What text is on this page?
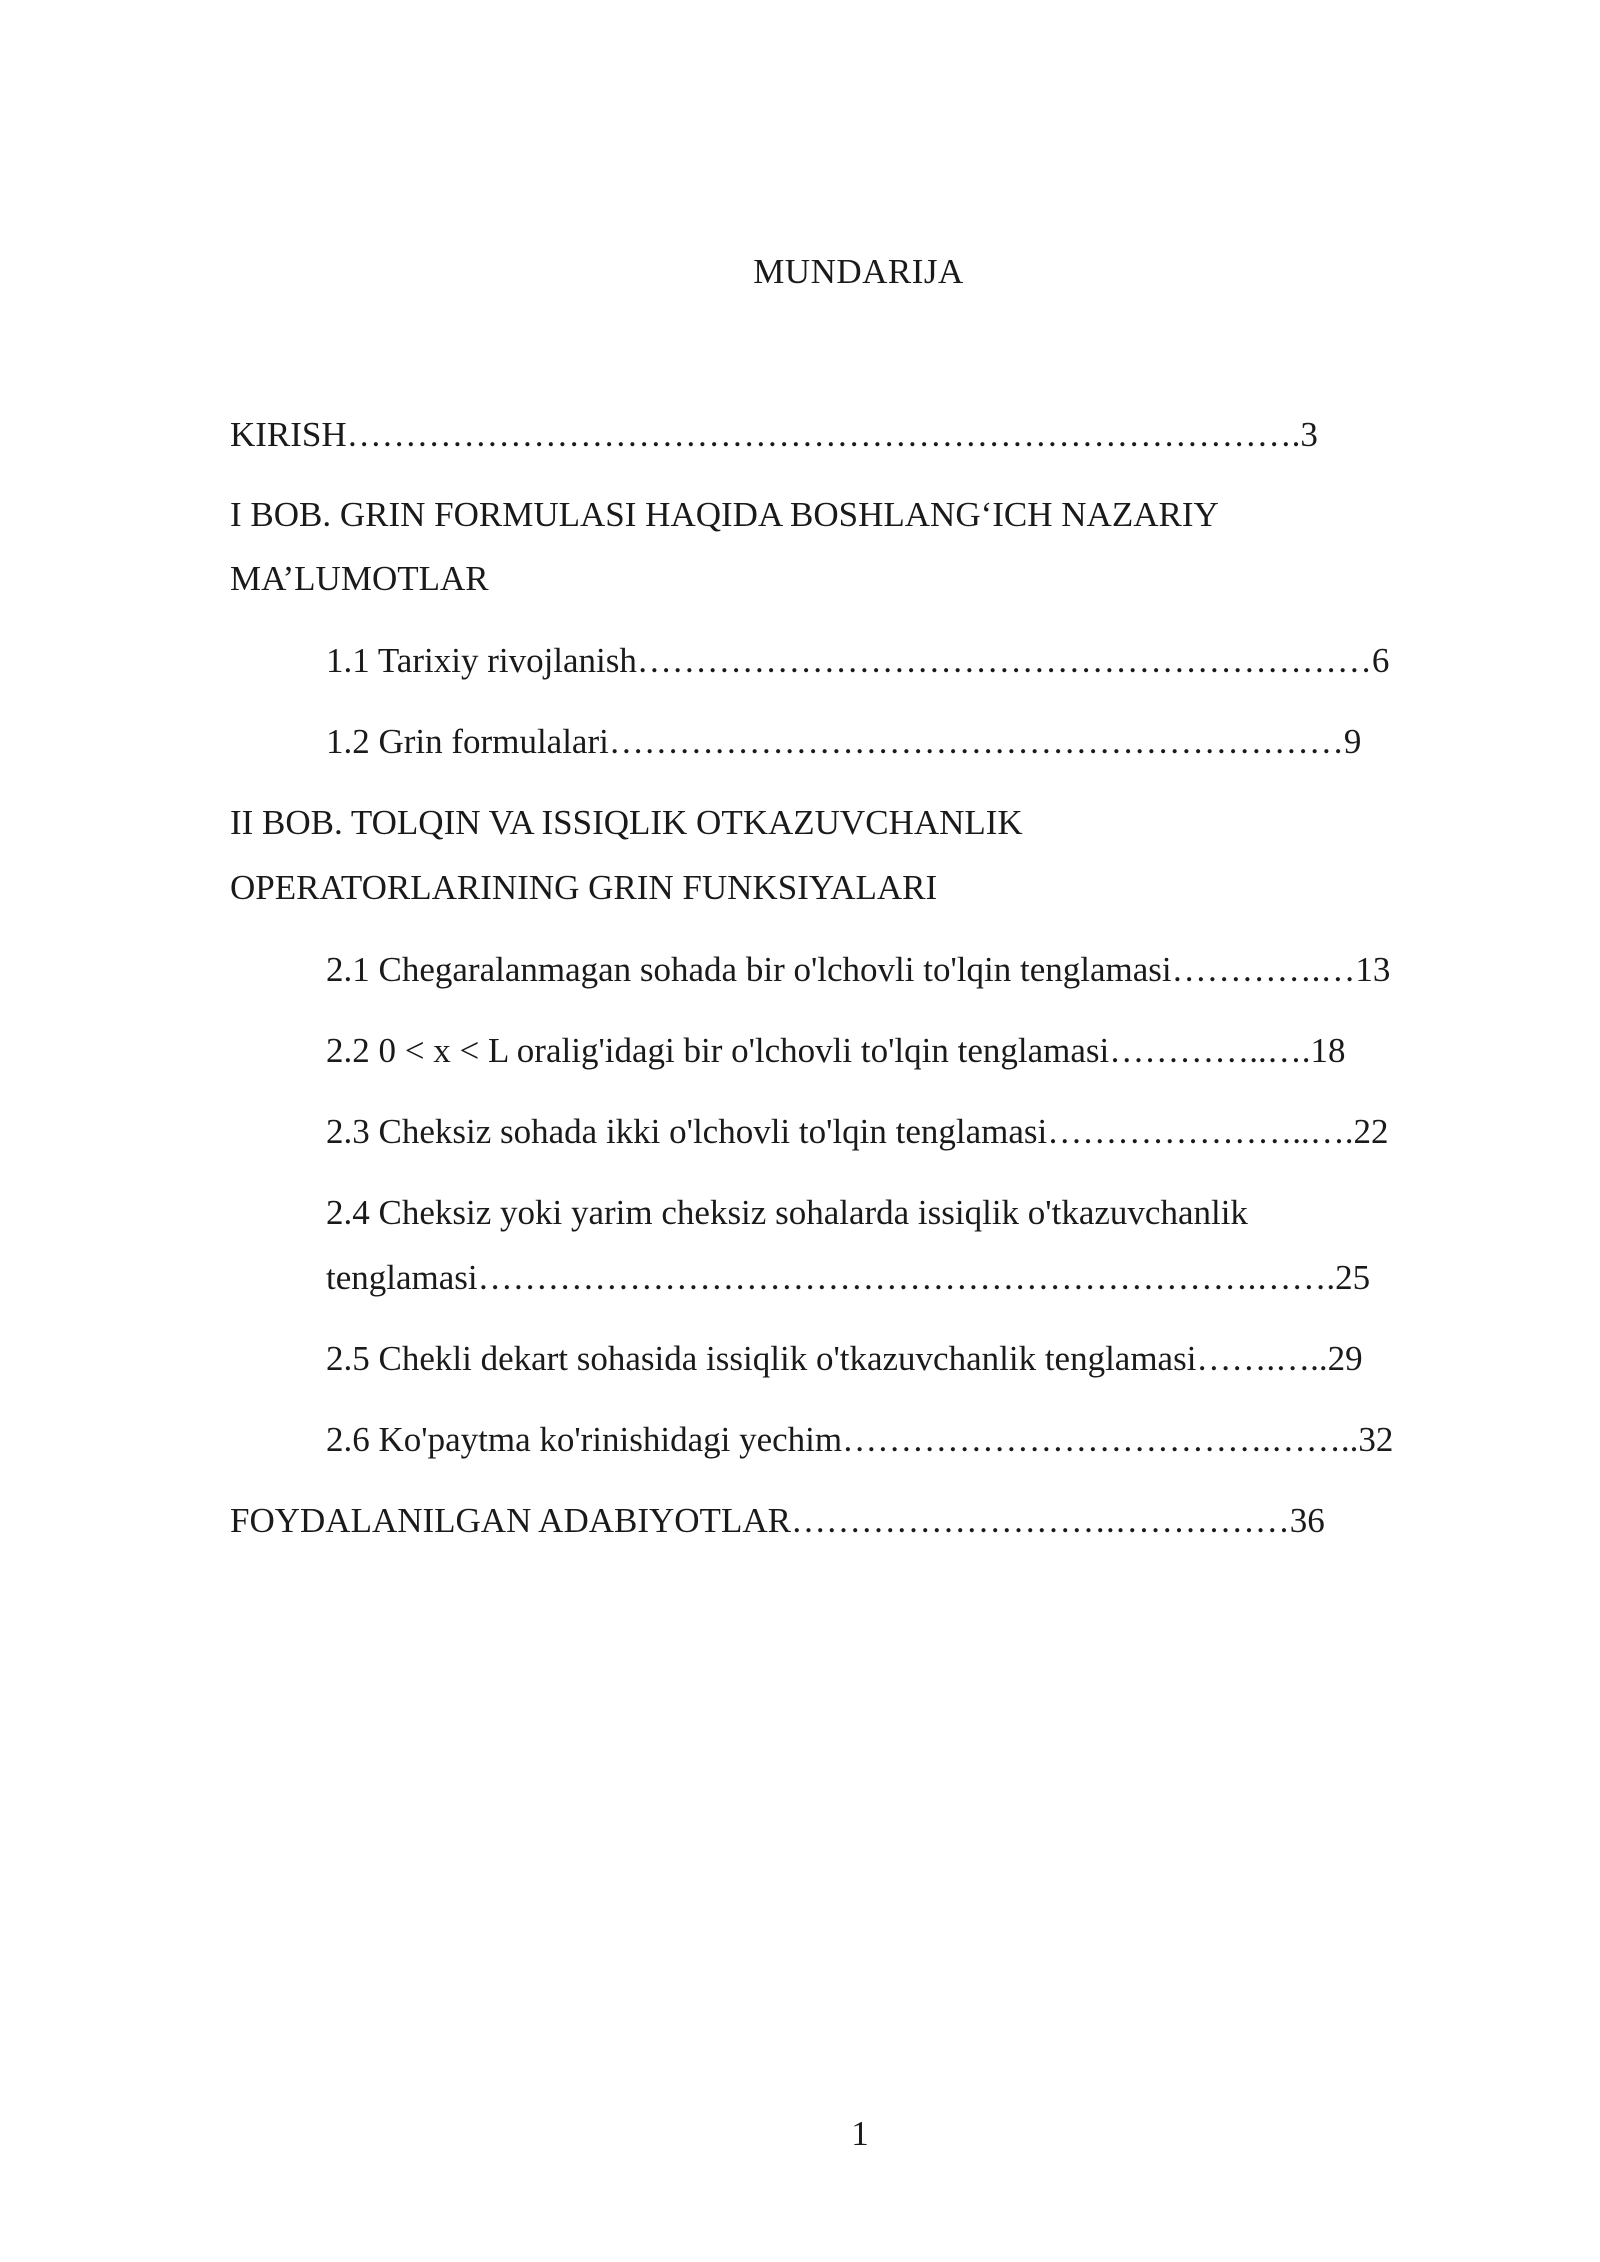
MUNDARIJA
KIRISH……………………………………………………………………….3
I BOB. GRIN FORMULASI HAQIDA BOSHLANG‘ICH NAZARIY
MA’LUMOTLAR
1.1 Tarixiy rivojlanish………………………………………………………6
1.2 Grin formulalari………………………………………………………9
II BOB. TOLQIN VA ISSIQLIK OTKAZUVCHANLIK
OPERATORLARINING GRIN FUNKSIYALARI
2.1 Chegaralanmagan sohada bir o'lchovli to'lqin tenglamasi………….…13
2.2 0 < x < L oralig'idagi bir o'lchovli to'lqin tenglamasi…………..….18
2.3 Cheksiz sohada ikki o'lchovli to'lqin tenglamasi…………………..….22
2.4 Cheksiz yoki yarim cheksiz sohalarda issiqlik o'tkazuvchanlik
tenglamasi………………………………………………………….…….25
2.5 Chekli dekart sohasida issiqlik o'tkazuvchanlik tenglamasi…….…..29
2.6 Ko'paytma ko'rinishidagi yechim……………………………….……..32
FOYDALANILGAN ADABIYOTLAR……………………….……………36
1
